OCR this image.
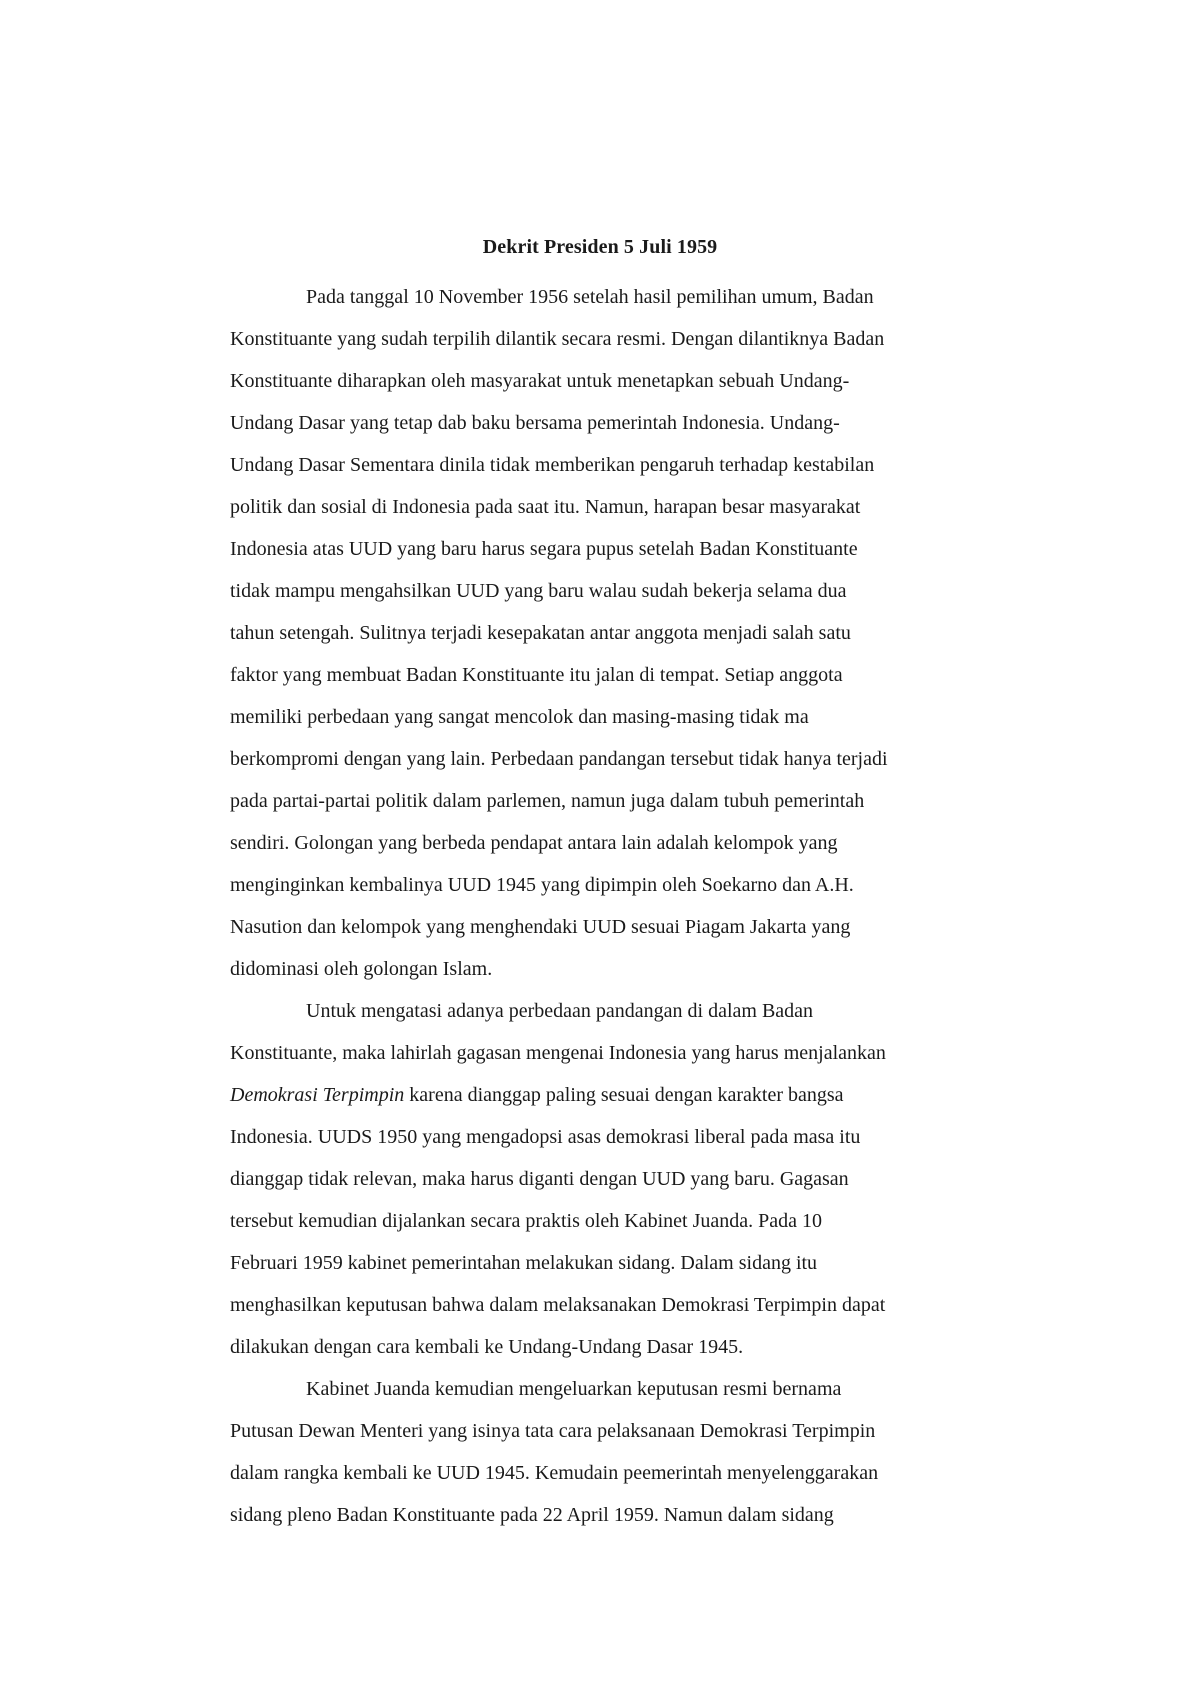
Dekrit Presiden 5 Juli 1959
Pada tanggal 10 November 1956 setelah hasil pemilihan umum, Badan
Konstituante yang sudah terpilih dilantik secara resmi. Dengan dilantiknya Badan
Konstituante diharapkan oleh masyarakat untuk menetapkan sebuah Undang-
Undang Dasar yang tetap dab baku bersama pemerintah Indonesia. Undang-
Undang Dasar Sementara dinila tidak memberikan pengaruh terhadap kestabilan
politik dan sosial di Indonesia pada saat itu. Namun, harapan besar masyarakat
Indonesia atas UUD yang baru harus segara pupus setelah Badan Konstituante
tidak mampu mengahsilkan UUD yang baru walau sudah bekerja selama dua
tahun setengah. Sulitnya terjadi kesepakatan antar anggota menjadi salah satu
faktor yang membuat Badan Konstituante itu jalan di tempat. Setiap anggota
memiliki perbedaan yang sangat mencolok dan masing-masing tidak ma
berkompromi dengan yang lain. Perbedaan pandangan tersebut tidak hanya terjadi
pada partai-partai politik dalam parlemen, namun juga dalam tubuh pemerintah
sendiri. Golongan yang berbeda pendapat antara lain adalah kelompok yang
menginginkan kembalinya UUD 1945 yang dipimpin oleh Soekarno dan A.H.
Nasution dan kelompok yang menghendaki UUD sesuai Piagam Jakarta yang
didominasi oleh golongan Islam.
Untuk mengatasi adanya perbedaan pandangan di dalam Badan
Konstituante, maka lahirlah gagasan mengenai Indonesia yang harus menjalankan
Demokrasi Terpimpin karena dianggap paling sesuai dengan karakter bangsa
Indonesia. UUDS 1950 yang mengadopsi asas demokrasi liberal pada masa itu
dianggap tidak relevan, maka harus diganti dengan UUD yang baru. Gagasan
tersebut kemudian dijalankan secara praktis oleh Kabinet Juanda. Pada 10
Februari 1959 kabinet pemerintahan melakukan sidang. Dalam sidang itu
menghasilkan keputusan bahwa dalam melaksanakan Demokrasi Terpimpin dapat
dilakukan dengan cara kembali ke Undang-Undang Dasar 1945.
Kabinet Juanda kemudian mengeluarkan keputusan resmi bernama
Putusan Dewan Menteri yang isinya tata cara pelaksanaan Demokrasi Terpimpin
dalam rangka kembali ke UUD 1945. Kemudain peemerintah menyelenggarakan
sidang pleno Badan Konstituante pada 22 April 1959. Namun dalam sidang
